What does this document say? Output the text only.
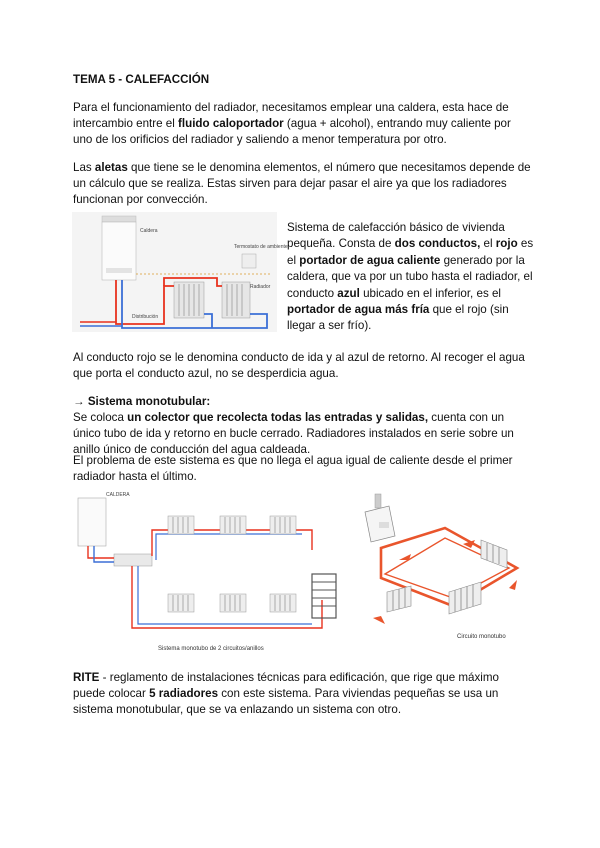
TEMA 5 - CALEFACCIÓN

Para el funcionamiento del radiador, necesitamos emplear una caldera, esta hace de intercambio entre el fluido caloportador (agua + alcohol), entrando muy caliente por uno de los orificios del radiador y saliendo a menor temperatura por otro.

Las aletas que tiene se le denomina elementos, el número que necesitamos depende de un cálculo que se realiza. Estas sirven para dejar pasar el aire ya que los radiadores funcionan por convección.

Caldera
Termostato de ambiente
Radiador
Distribución

Sistema de calefacción básico de vivienda pequeña. Consta de dos conductos, el rojo es el portador de agua caliente generado por la caldera, que va por un tubo hasta el radiador, el conducto azul ubicado en el inferior, es el portador de agua más fría que el rojo (sin llegar a ser frío).

Al conducto rojo se le denomina conducto de ida y al azul de retorno. Al recoger el agua que porta el conducto azul, no se desperdicia agua.

→ Sistema monotubular:

Se coloca un colector que recolecta todas las entradas y salidas, cuenta con un único tubo de ida y retorno en bucle cerrado. Radiadores instalados en serie sobre un anillo único de conducción del agua caldeada.

El problema de este sistema es que no llega el agua igual de caliente desde el primer radiador hasta el último.

CALDERA
Sistema monotubo de 2 circuitos/anillos
Circuito monotubo

RITE - reglamento de instalaciones técnicas para edificación, que rige que máximo puede colocar 5 radiadores con este sistema. Para viviendas pequeñas se usa un sistema monotubular, que se va enlazando un sistema con otro.
